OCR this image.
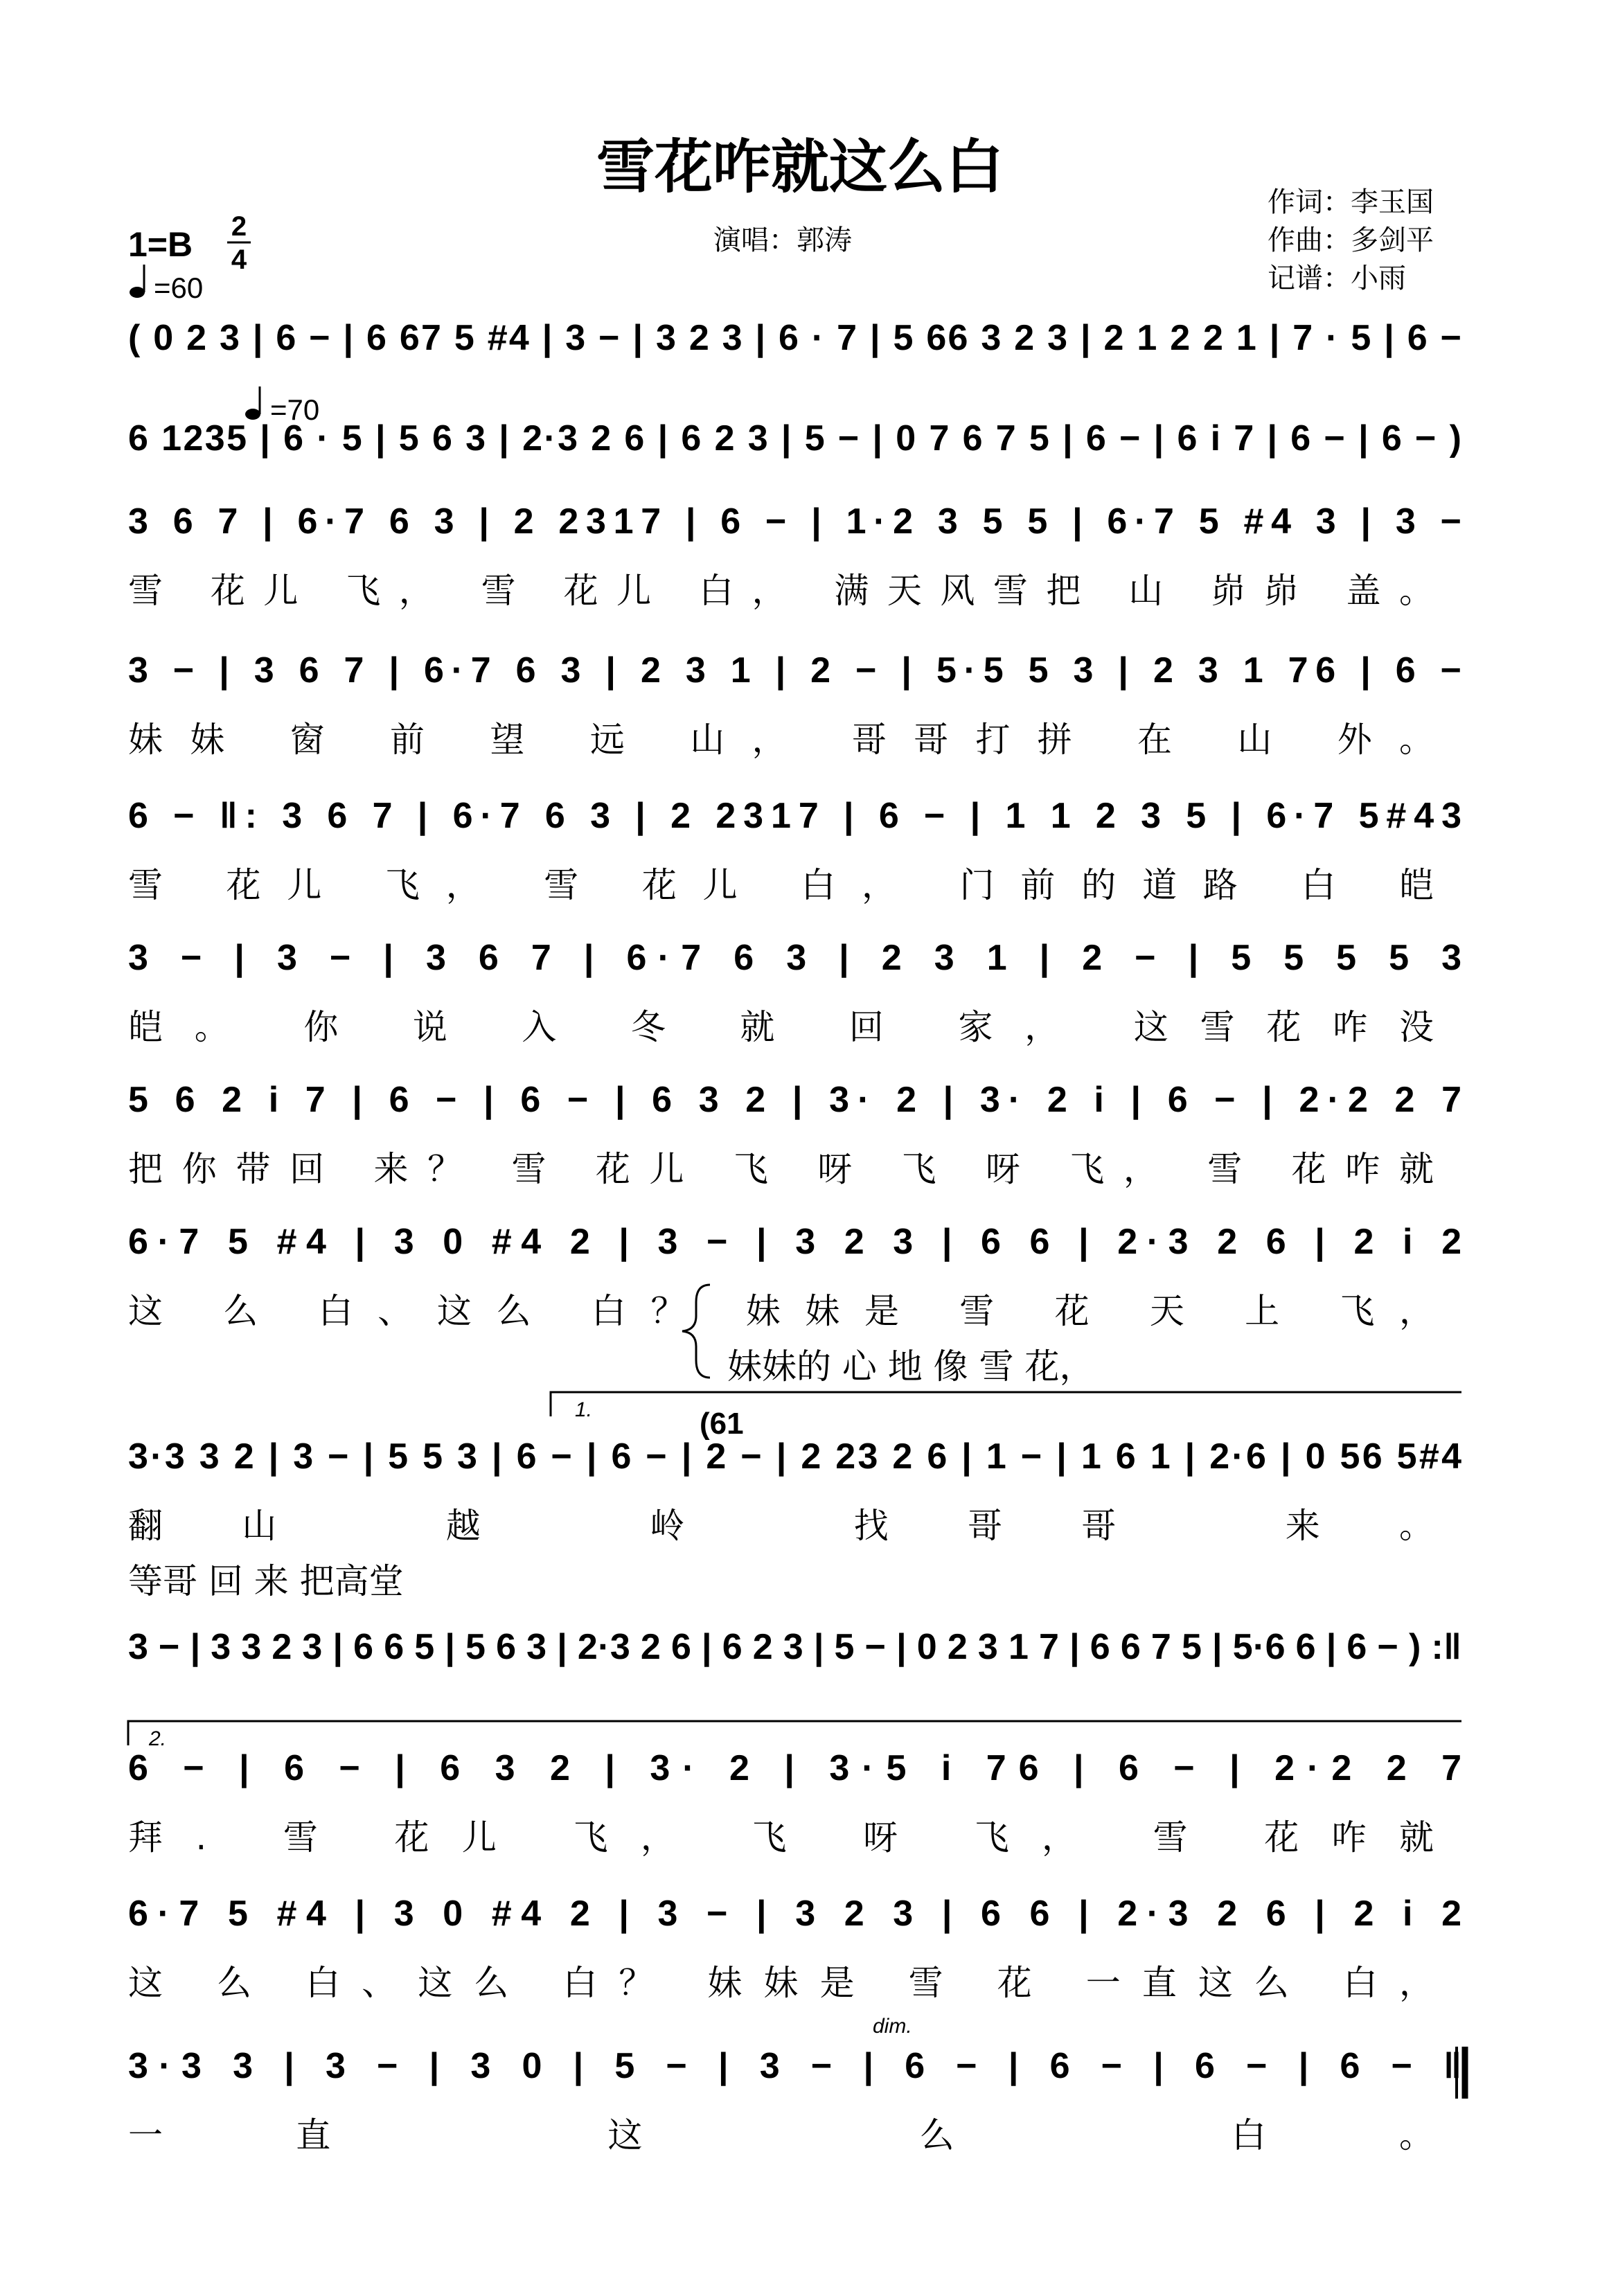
雪花咋就这么白
作词：李玉国
作曲：多剑平
记谱：小雨
演唱：郭涛
1=B 2
4
=60
=70
1.	(61
2.
dim.
( 0 2 3 | 6 − | 6 67 5 #4 | 3 − | 3 2 3 | 6 · 7 | 5 66 3 2 3 | 2 1 2 2 1 | 7 · 5 | 6 −
6 1235 | 6 · 5 | 5 6 3 | 2·3 2 6 | 6 2 3 | 5 − | 0 7 6 7 5 | 6 − | 6 i 7 | 6 − | 6 − )
3 6 7 | 6·7 6 3 | 2 2317 | 6 − | 1·2 3 5 5 | 6·7 5 #4 3 | 3 −
雪 花儿 飞， 雪 花儿 白， 满天风雪把 山 峁峁 盖。
3 − | 3 6 7 | 6·7 6 3 | 2 3 1 | 2 − | 5·5 5 3 | 2 3 1 76 | 6 −
妹妹 窗 前 望 远 山， 哥哥打拼 在 山 外。
6 − ‖: 3 6 7 | 6·7 6 3 | 2 2317 | 6 − | 1 1 2 3 5 | 6·7 5#43
雪 花儿 飞， 雪 花儿 白， 门前的道路 白 皑
3 − | 3 − | 3 6 7 | 6·7 6 3 | 2 3 1 | 2 − | 5 5 5 5 3
皑。 你 说 入 冬 就 回 家， 这雪花咋没
5 6 2 i 7 | 6 − | 6 − | 6 3 2 | 3· 2 | 3· 2 i | 6 − | 2·2 2 7
把你带回 来？ 雪 花儿 飞 呀 飞 呀 飞， 雪 花咋就
6·7 5 #4 | 3 0 #4 2 | 3 − | 3 2 3 | 6 6 | 2·3 2 6 | 2 i 2
这 么 白、这么 白？ 妹妹是 雪 花 天 上 飞，
妹妹的 心 地 像 雪 花，
3·3 3 2 | 3 − | 5 5 3 | 6 − | 6 − | 2 − | 2 23 2 6 | 1 − | 1 6 1 | 2·6 | 0 56 5#4
翻山 越 岭 找哥哥 来。
等哥 回 来 把高堂
3 − | 3 3 2 3 | 6 6 5 | 5 6 3 | 2·3 2 6 | 6 2 3 | 5 − | 0 2 3 1 7 | 6 6 7 5 | 5·6 6 | 6 − ) :‖
6 − | 6 − | 6 3 2 | 3· 2 | 3·5 i 76 | 6 − | 2·2 2 7
拜. 雪 花儿 飞， 飞 呀 飞， 雪 花咋就
6·7 5 #4 | 3 0 #4 2 | 3 − | 3 2 3 | 6 6 | 2·3 2 6 | 2 i 2
这 么 白、这么 白？ 妹妹是 雪 花 一直这么 白，
3·3 3 | 3 − | 3 0 | 5 − | 3 − | 6 − | 6 − | 6 − | 6 − ‖
一直 这 么 白。
